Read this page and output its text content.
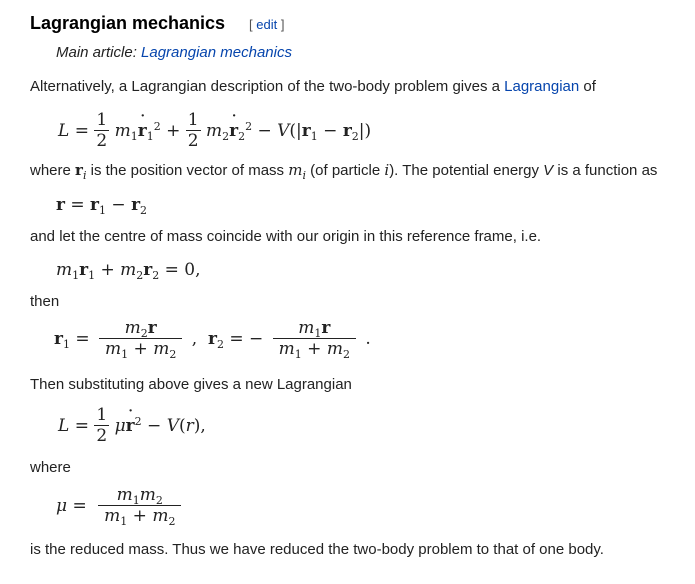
Lagrangian mechanics [ edit ]
Main article: Lagrangian mechanics
Alternatively, a Lagrangian description of the two-body problem gives a Lagrangian of
$L = \frac{1}{2} m_1r$ $˙_1^2 + \frac{1}{2} m_2r$ $˙_2^2 - V(|r_1 - r_2|)$
where $r_i$ is the position vector of mass $m_i$ (of particle i). The potential energy V is a function as
$r = r_1 - r_2$
and let the centre of mass coincide with our origin in this reference frame, i.e.
$m_1r_1 + m_2r_2 = 0$,
then
$r_1 = \frac{m_2r}{m_1 + m_2}$ ,  $r_2$ = − $\frac{m_1r}{m_1 + m_2}$ .
Then substituting above gives a new Lagrangian
$L = \frac{1}{2}$ μr ˙$^2$ − V(r),
where
$\mu = \frac{m_1m_2}{m_1 + m_2}$
is the reduced mass. Thus we have reduced the two-body problem to that of one body.
